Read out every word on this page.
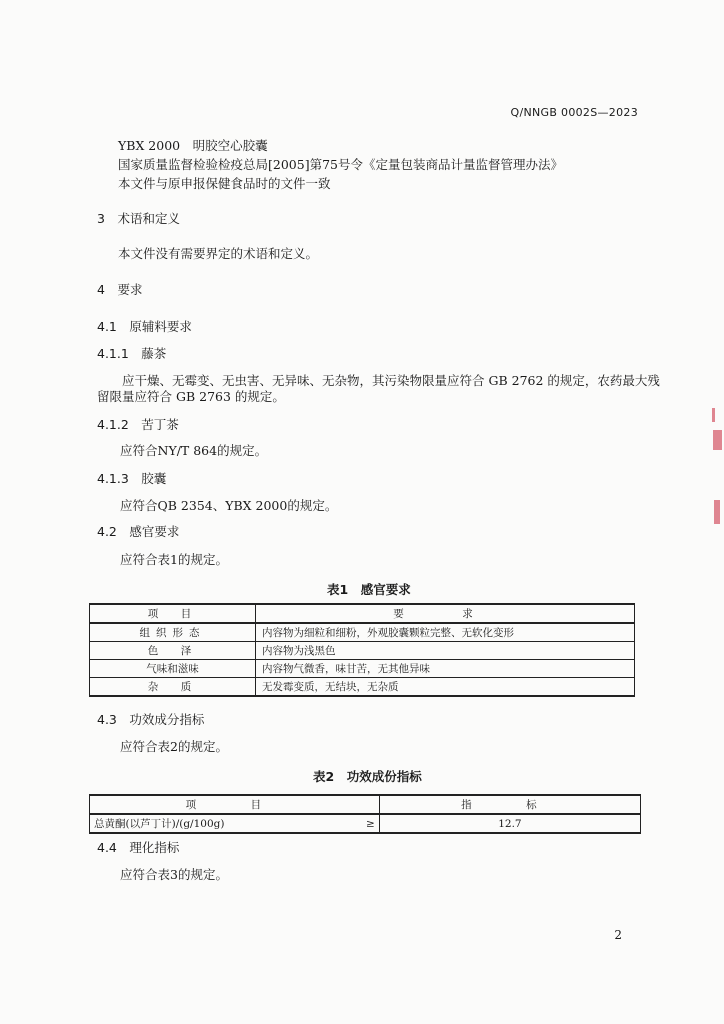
Q/NNGB 0002S—2023
YBX 2000　明胶空心胶囊
国家质量监督检验检疫总局[2005]第75号令《定量包装商品计量监督管理办法》
本文件与原申报保健食品时的文件一致
3　术语和定义
本文件没有需要界定的术语和定义。
4　要求
4.1　原辅料要求
4.1.1　藤茶
应干燥、无霉变、无虫害、无异味、无杂物，其污染物限量应符合 GB 2762 的规定，农药最大残
留限量应符合 GB 2763 的规定。
4.1.2　苦丁茶
应符合NY/T 864的规定。
4.1.3　胶囊
应符合QB 2354、YBX 2000的规定。
4.2　感官要求
应符合表1的规定。
表1　感官要求
项　目	要　求
组织形态	内容物为细粒和细粉，外观胶囊颗粒完整、无软化变形
色　泽	内容物为浅黑色
气味和滋味	内容物气微香，味甘苦，无其他异味
杂　质	无发霉变质，无结块，无杂质
4.3　功效成分指标
应符合表2的规定。
表2　功效成份指标
项　目		指　标
总黄酮(以芦丁计)/(g/100g)	≥	12.7
4.4　理化指标
应符合表3的规定。
2
